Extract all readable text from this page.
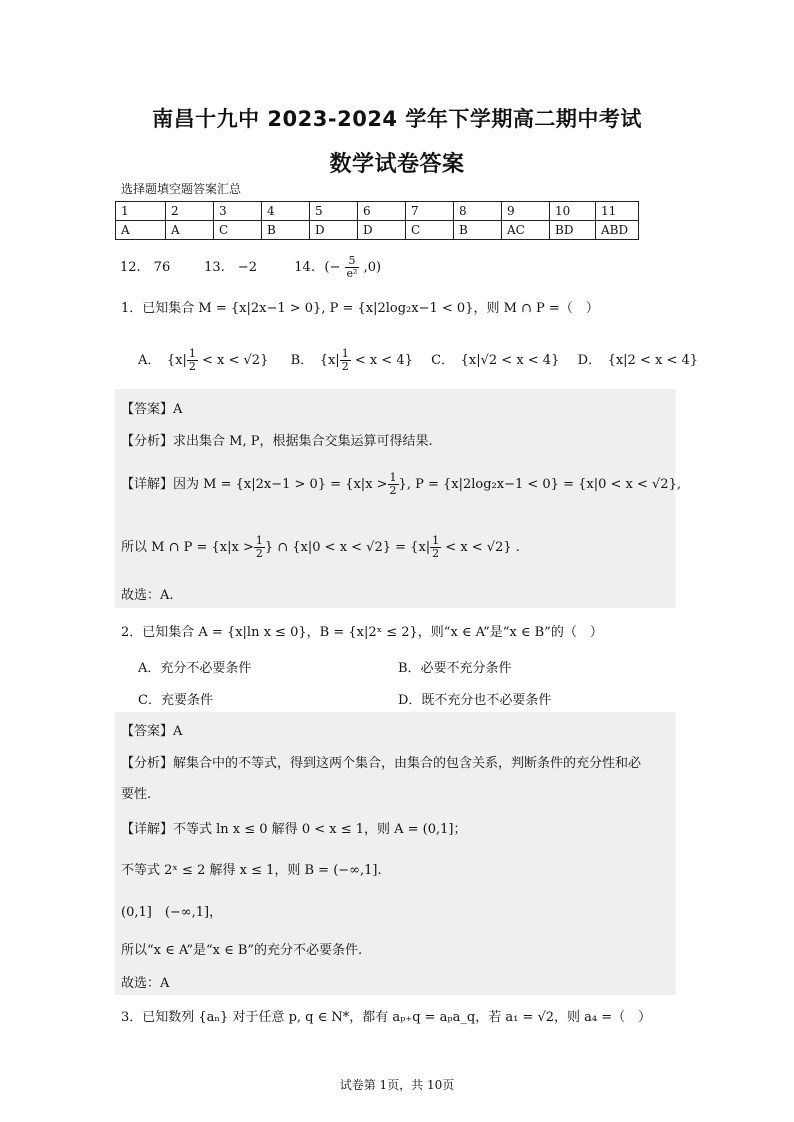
南昌十九中 2023-2024 学年下学期高二期中考试
数学试卷答案
选择题填空题答案汇总
1	2	3	4	5	6	7	8	9	10	11
A	A	C	B	D	D	C	B	AC	BD	ABD
12.　76	13.　−2	14. (− $\frac{5}{\text{e²}} ,0$)
1．已知集合 M = {x|2x−1 > 0}, P = {x|2log₂x−1 < 0}，则 M ∩ P =（　）
A．　$\{x| \frac{1}{2} < x < √2\}$ B．　$\{x| \frac{1}{2} < x < 4\}$ C．　{x|√2 < x < 4} D．　{x|2 < x < 4}
【答案】A
【分析】求出集合 M, P，根据集合交集运算可得结果.
【详解】因为 $M = \{x|2x-1 > 0\} = \{x|x > \frac{1}{2}$ }, P = {x|2log₂x−1 < 0} = {x|0 < x < √2},
所以 M ∩ $P = \{x|x > \frac{1}{2}$ } ∩ $\{x|0 < x < √2\} = \{x| \frac{1}{2} < x < √2\}$ .
故选：A.
2．已知集合 A = {x|ln x ≤ 0}，B = {x|2ˣ ≤ 2}，则“x ∈ A”是“x ∈ B”的（　）
A．充分不必要条件	B．必要不充分条件
C．充要条件	D．既不充分也不必要条件
【答案】A
【分析】解集合中的不等式，得到这两个集合，由集合的包含关系，判断条件的充分性和必
要性.
【详解】不等式 ln x ≤ 0 解得 0 < x ≤ 1，则 A = (0,1]；
不等式 2ˣ ≤ 2 解得 x ≤ 1，则 B = (−∞,1].
(0,1]　(−∞,1]，
所以“x ∈ A”是“x ∈ B”的充分不必要条件.
故选：A
3．已知数列 {aₙ} 对于任意 p, q ∈ N*，都有 aₚ₊q = aₚa_q，若 a₁ = √2，则 a₄ =（　）
试卷第 1页，共 10页
